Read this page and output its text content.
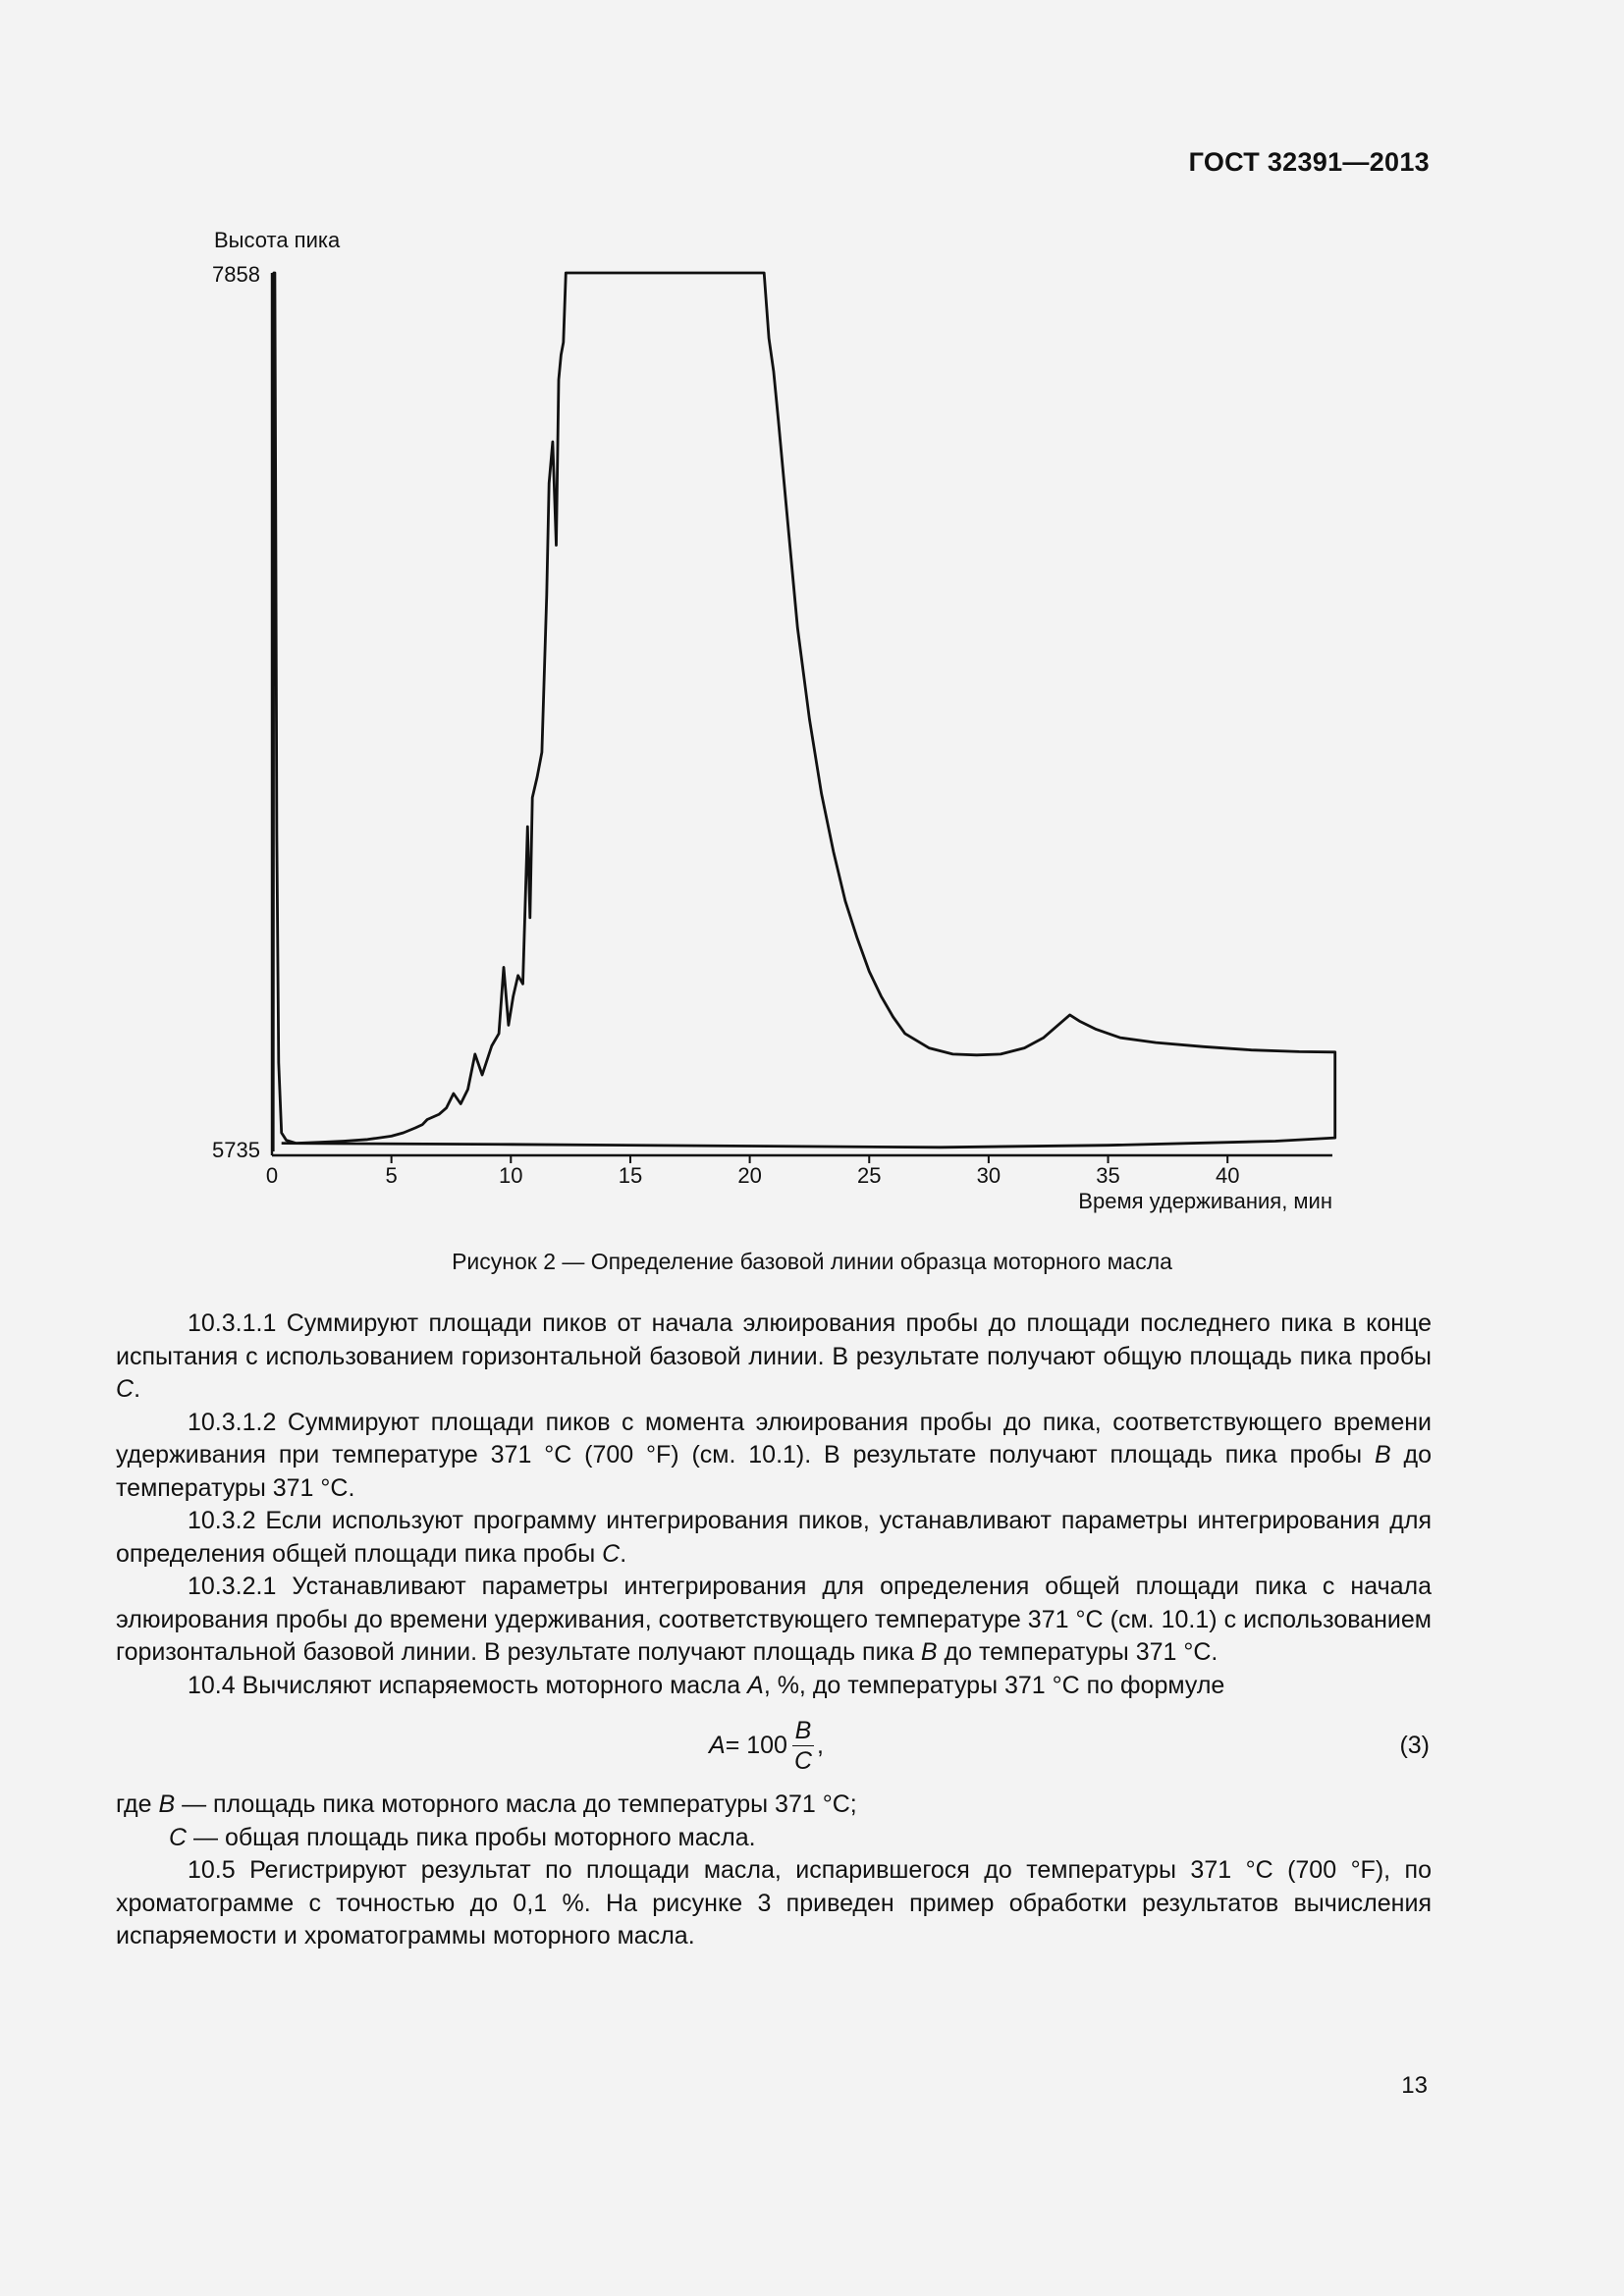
ГОСТ 32391—2013
Высота пика
7858
5735
0	5	10	15	20	25	30	35	40
Время удерживания, мин
Рисунок 2 — Определение базовой линии образца моторного масла

10.3.1.1 Суммируют площади пиков от начала элюирования пробы до площади последнего пика в конце испытания с использованием горизонтальной базовой линии. В результате получают общую площадь пика пробы C.

10.3.1.2 Суммируют площади пиков с момента элюирования пробы до пика, соответствующего времени удерживания при температуре 371 °C (700 °F) (см. 10.1). В результате получают площадь пика пробы B до температуры 371 °C.

10.3.2 Если используют программу интегрирования пиков, устанавливают параметры интегрирования для определения общей площади пика пробы C.

10.3.2.1 Устанавливают параметры интегрирования для определения общей площади пика с начала элюирования пробы до времени удерживания, соответствующего температуре 371 °C (см. 10.1) с использованием горизонтальной базовой линии. В результате получают площадь пика B до температуры 371 °C.

10.4 Вычисляют испаряемость моторного масла A, %, до температуры 371 °C по формуле

$A = 100 \frac{B}{C}$ ,	(3)

где B — площадь пика моторного масла до температуры 371 °C;

C — общая площадь пика пробы моторного масла.

10.5 Регистрируют результат по площади масла, испарившегося до температуры 371 °C (700 °F), по хроматограмме с точностью до 0,1 %. На рисунке 3 приведен пример обработки результатов вычисления испаряемости и хроматограммы моторного масла.

13
